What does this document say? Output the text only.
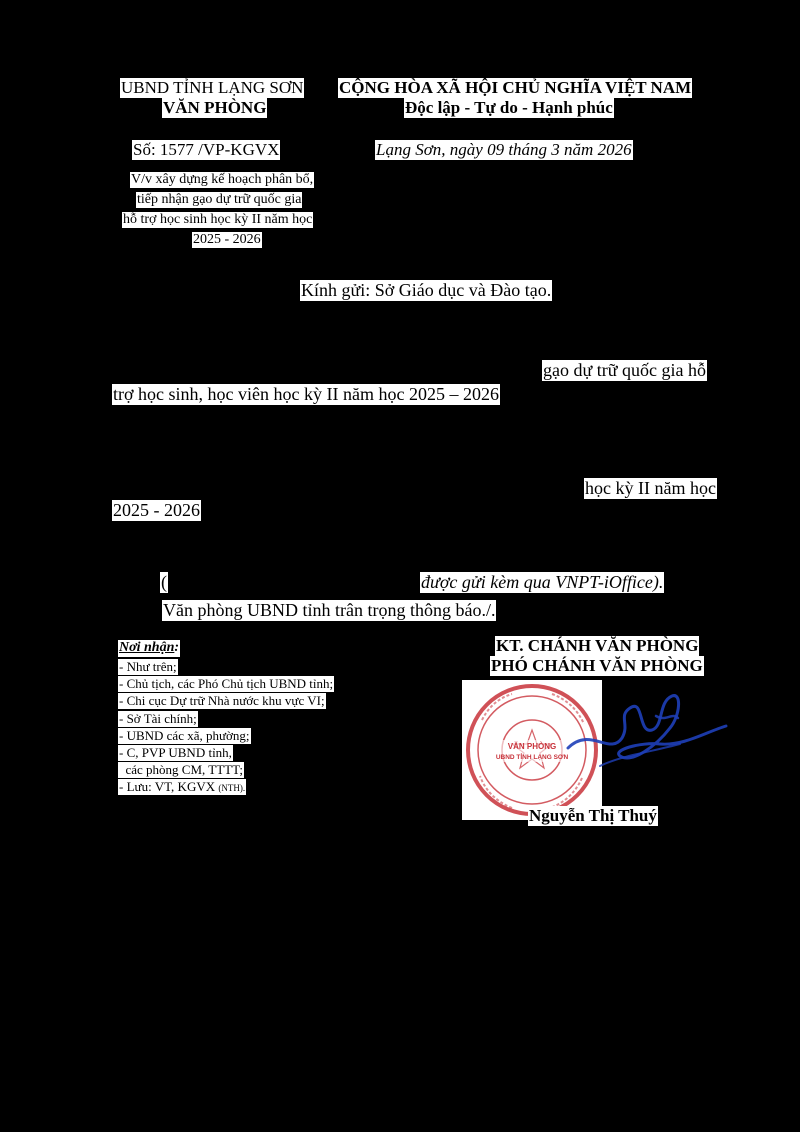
UBND TỈNH LẠNG SƠN
VĂN PHÒNG
CỘNG HÒA XÃ HỘI CHỦ NGHĨA VIỆT NAM
Độc lập - Tự do - Hạnh phúc
Số: 1577 /VP-KGVX	Lạng Sơn, ngày 09 tháng 3 năm 2026
V/v xây dựng kế hoạch phân bổ,
tiếp nhận gạo dự trữ quốc gia
hỗ trợ học sinh học kỳ II năm học
2025 - 2026
Kính gửi: Sở Giáo dục và Đào tạo.
gạo dự trữ quốc gia hỗ
trợ học sinh, học viên học kỳ II năm học 2025 – 2026
học kỳ II năm học
2025 - 2026
(	được gửi kèm qua VNPT-iOffice).
Văn phòng UBND tỉnh trân trọng thông báo./.
Nơi nhận:
- Như trên;
- Chủ tịch, các Phó Chủ tịch UBND tỉnh;
- Chi cục Dự trữ Nhà nước khu vực VI;
- Sở Tài chính;
- UBND các xã, phường;
- C, PVP UBND tỉnh,
các phòng CM, TTTT;
- Lưu: VT, KGVX (NTH).
KT. CHÁNH VĂN PHÒNG
PHÓ CHÁNH VĂN PHÒNG
VĂN PHÒNG
UBND TỈNH LẠNG SƠN
Nguyễn Thị Thuý
